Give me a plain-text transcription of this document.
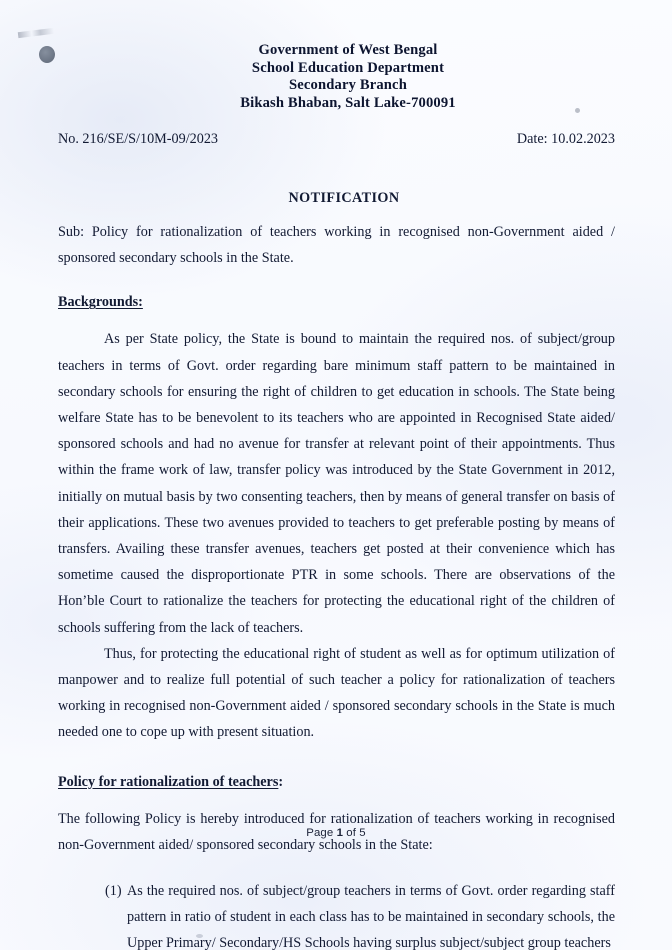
Government of West Bengal
School Education Department
Secondary Branch
Bikash Bhaban, Salt Lake-700091
No. 216/SE/S/10M-09/2023	Date: 10.02.2023
NOTIFICATION

Sub: Policy for rationalization of teachers working in recognised non-Government aided / sponsored secondary schools in the State.

Backgrounds:

As per State policy, the State is bound to maintain the required nos. of subject/group teachers in terms of Govt. order regarding bare minimum staff pattern to be maintained in secondary schools for ensuring the right of children to get education in schools. The State being welfare State has to be benevolent to its teachers who are appointed in Recognised State aided/ sponsored schools and had no avenue for transfer at relevant point of their appointments. Thus within the frame work of law, transfer policy was introduced by the State Government in 2012, initially on mutual basis by two consenting teachers, then by means of general transfer on basis of their applications. These two avenues provided to teachers to get preferable posting by means of transfers. Availing these transfer avenues, teachers get posted at their convenience which has sometime caused the disproportionate PTR in some schools. There are observations of the Hon’ble Court to rationalize the teachers for protecting the educational right of the children of schools suffering from the lack of teachers.

Thus, for protecting the educational right of student as well as for optimum utilization of manpower and to realize full potential of such teacher a policy for rationalization of teachers working in recognised non-Government aided / sponsored secondary schools in the State is much needed one to cope up with present situation.

Policy for rationalization of teachers:

The following Policy is hereby introduced for rationalization of teachers working in recognised non-Government aided/ sponsored secondary schools in the State:

(1) As the required nos. of subject/group teachers in terms of Govt. order regarding staff pattern in ratio of student in each class has to be maintained in secondary schools, the Upper Primary/ Secondary/HS Schools having surplus subject/subject group teachers
Page 1 of 5
